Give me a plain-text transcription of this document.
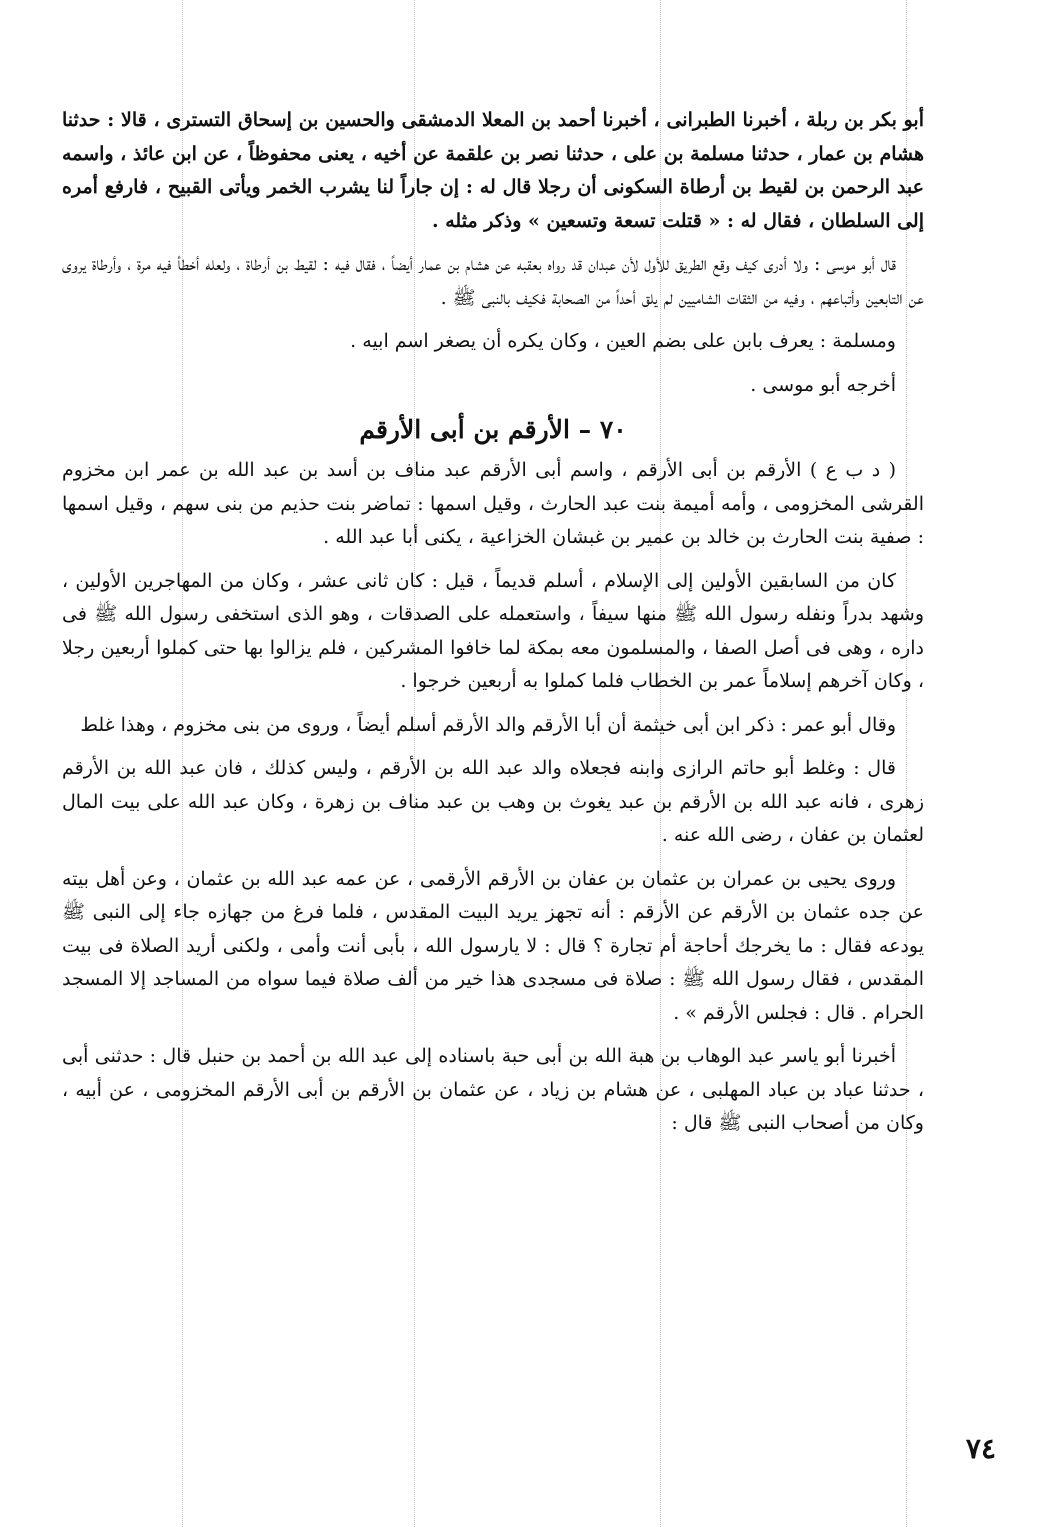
أبو بكر بن ربلة ، أخبرنا الطبرانى ، أخبرنا أحمد بن المعلا الدمشقى والحسين بن إسحاق التسترى ، قالا : حدثنا هشام بن عمار ، حدثنا مسلمة بن على ، حدثنا نصر بن علقمة عن أخيه ، يعنى محفوظاً ، عن ابن عائذ ، واسمه عبد الرحمن بن لقيط بن أرطاة السكونى أن رجلا قال له : إن جاراً لنا يشرب الخمر ويأتى القبيح ، فارفع أمره إلى السلطان ، فقال له : « قتلت تسعة وتسعين » وذكر مثله .

قال أبو موسى : ولا أدرى كيف وقع الطريق للأول لأن عبدان قد رواه بعقبه عن هشام بن عمار أيضاً ، فقال فيه : لقيط بن أرطاة ، ولعله أخطأ فيه مرة ، وأرطاة يروى عن التابعين وأتباعهم ، وفيه من الثقات الشاميين لم يلق أحداً من الصحابة فكيف بالنبى ﷺ .

ومسلمة : يعرف بابن على بضم العين ، وكان يكره أن يصغر اسم ابيه .

أخرجه أبو موسى .

٧٠ – الأرقم بن أبى الأرقم

( د ب ع ) الأرقم بن أبى الأرقم ، واسم أبى الأرقم عبد مناف بن أسد بن عبد الله بن عمر ابن مخزوم القرشى المخزومى ، وأمه أميمة بنت عبد الحارث ، وقيل اسمها : تماضر بنت حذيم من بنى سهم ، وقيل اسمها : صفية بنت الحارث بن خالد بن عمير بن غبشان الخزاعية ، يكنى أبا عبد الله .

كان من السابقين الأولين إلى الإسلام ، أسلم قديماً ، قيل : كان ثانى عشر ، وكان من المهاجرين الأولين ، وشهد بدراً ونفله رسول الله ﷺ منها سيفاً ، واستعمله على الصدقات ، وهو الذى استخفى رسول الله ﷺ فى داره ، وهى فى أصل الصفا ، والمسلمون معه بمكة لما خافوا المشركين ، فلم يزالوا بها حتى كملوا أربعين رجلا ، وكان آخرهم إسلاماً عمر بن الخطاب فلما كملوا به أربعين خرجوا .

وقال أبو عمر : ذكر ابن أبى خيثمة أن أبا الأرقم والد الأرقم أسلم أيضاً ، وروى من بنى مخزوم ، وهذا غلط

قال : وغلط أبو حاتم الرازى وابنه فجعلاه والد عبد الله بن الأرقم ، وليس كذلك ، فان عبد الله بن الأرقم زهرى ، فانه عبد الله بن الأرقم بن عبد يغوث بن وهب بن عبد مناف بن زهرة ، وكان عبد الله على بيت المال لعثمان بن عفان ، رضى الله عنه .

وروى يحيى بن عمران بن عثمان بن عفان بن الأرقم الأرقمى ، عن عمه عبد الله بن عثمان ، وعن أهل بيته عن جده عثمان بن الأرقم عن الأرقم : أنه تجهز يريد البيت المقدس ، فلما فرغ من جهازه جاء إلى النبى ﷺ يودعه فقال : ما يخرجك أحاجة أم تجارة ؟ قال : لا يارسول الله ، بأبى أنت وأمى ، ولكنى أريد الصلاة فى بيت المقدس ، فقال رسول الله ﷺ : صلاة فى مسجدى هذا خير من ألف صلاة فيما سواه من المساجد إلا المسجد الحرام . قال : فجلس الأرقم » .

أخبرنا أبو ياسر عبد الوهاب بن هبة الله بن أبى حبة باسناده إلى عبد الله بن أحمد بن حنبل قال : حدثنى أبى ، حدثنا عباد بن عباد المهلبى ، عن هشام بن زياد ، عن عثمان بن الأرقم بن أبى الأرقم المخزومى ، عن أبيه ، وكان من أصحاب النبى ﷺ قال :

٧٤
